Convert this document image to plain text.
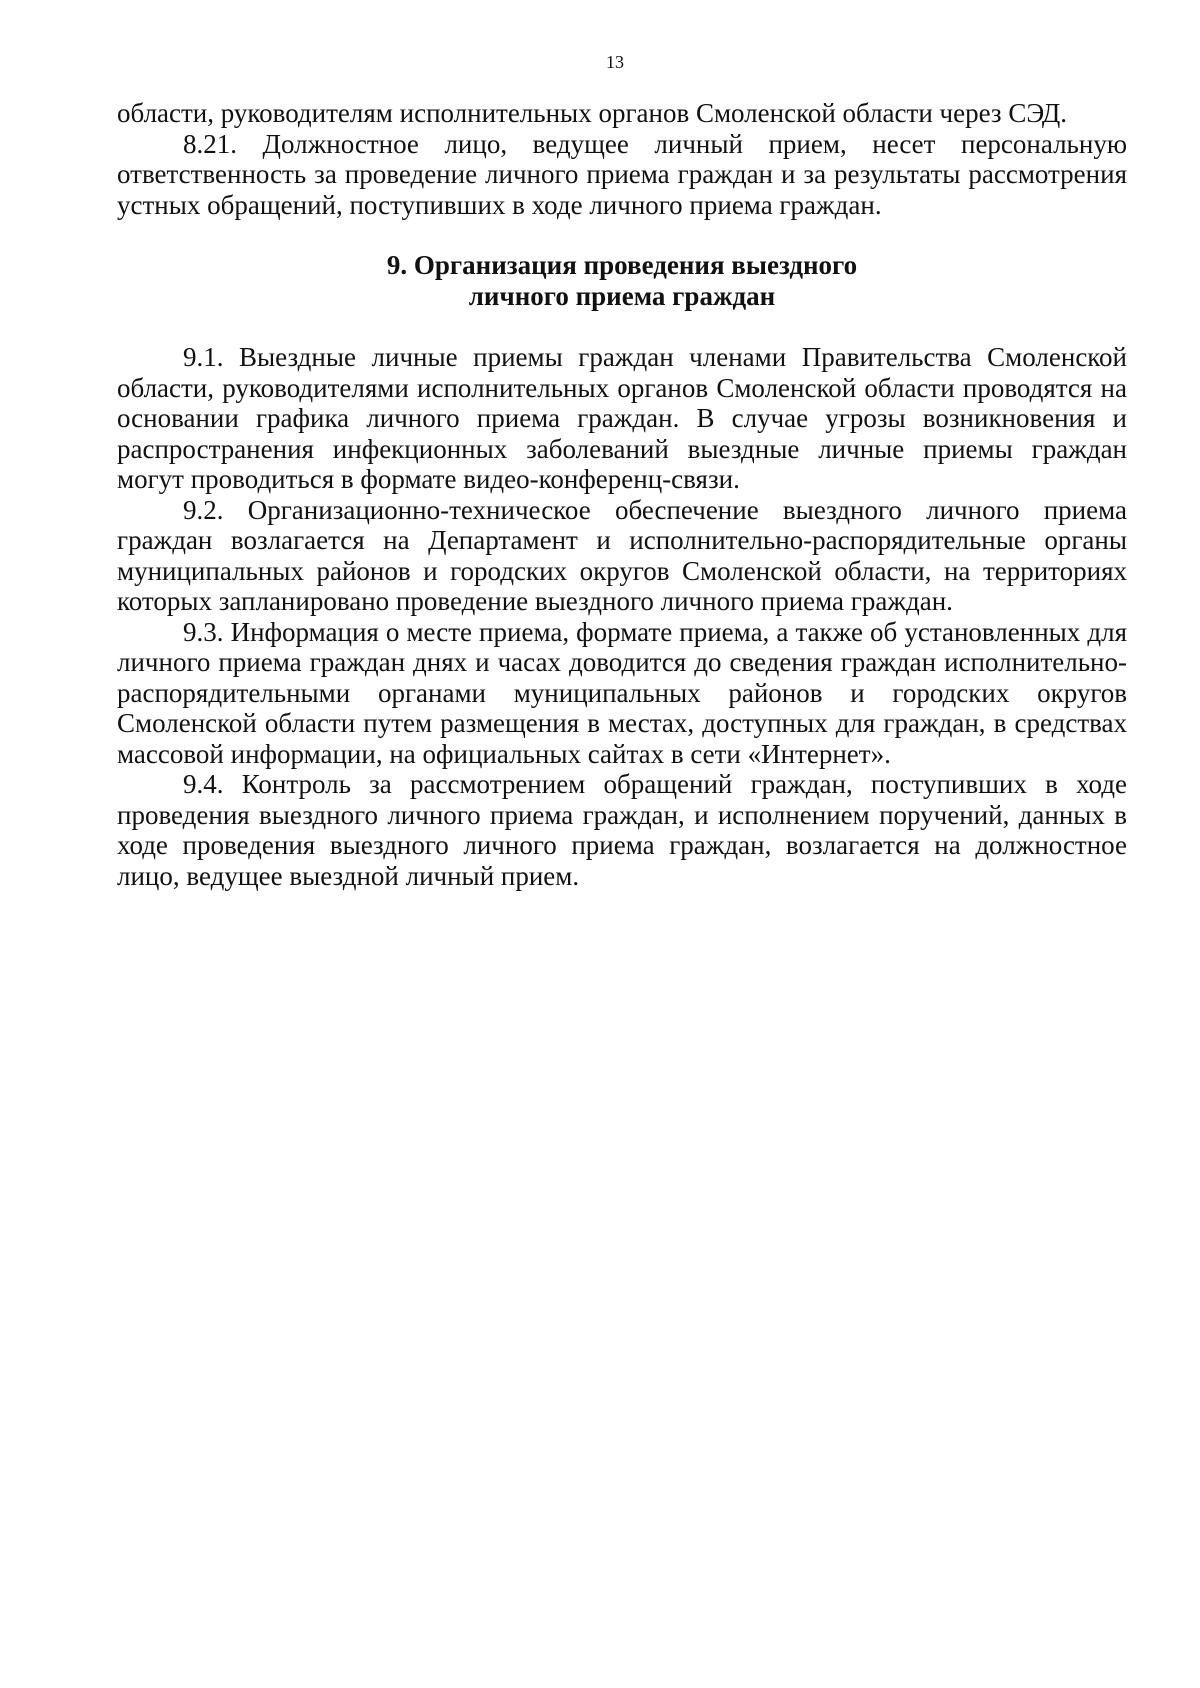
13

области, руководителям исполнительных органов Смоленской области через СЭД.

8.21. Должностное лицо, ведущее личный прием, несет персональную ответственность за проведение личного приема граждан и за результаты рассмотрения устных обращений, поступивших в ходе личного приема граждан.

9. Организация проведения выездного
личного приема граждан

9.1. Выездные личные приемы граждан членами Правительства Смоленской области, руководителями исполнительных органов Смоленской области проводятся на основании графика личного приема граждан. В случае угрозы возникновения и распространения инфекционных заболеваний выездные личные приемы граждан могут проводиться в формате видео-конференц-связи.

9.2. Организационно-техническое обеспечение выездного личного приема граждан возлагается на Департамент и исполнительно-распорядительные органы муниципальных районов и городских округов Смоленской области, на территориях которых запланировано проведение выездного личного приема граждан.

9.3. Информация о месте приема, формате приема, а также об установленных для личного приема граждан днях и часах доводится до сведения граждан исполнительно-распорядительными органами муниципальных районов и городских округов Смоленской области путем размещения в местах, доступных для граждан, в средствах массовой информации, на официальных сайтах в сети «Интернет».

9.4. Контроль за рассмотрением обращений граждан, поступивших в ходе проведения выездного личного приема граждан, и исполнением поручений, данных в ходе проведения выездного личного приема граждан, возлагается на должностное лицо, ведущее выездной личный прием.
